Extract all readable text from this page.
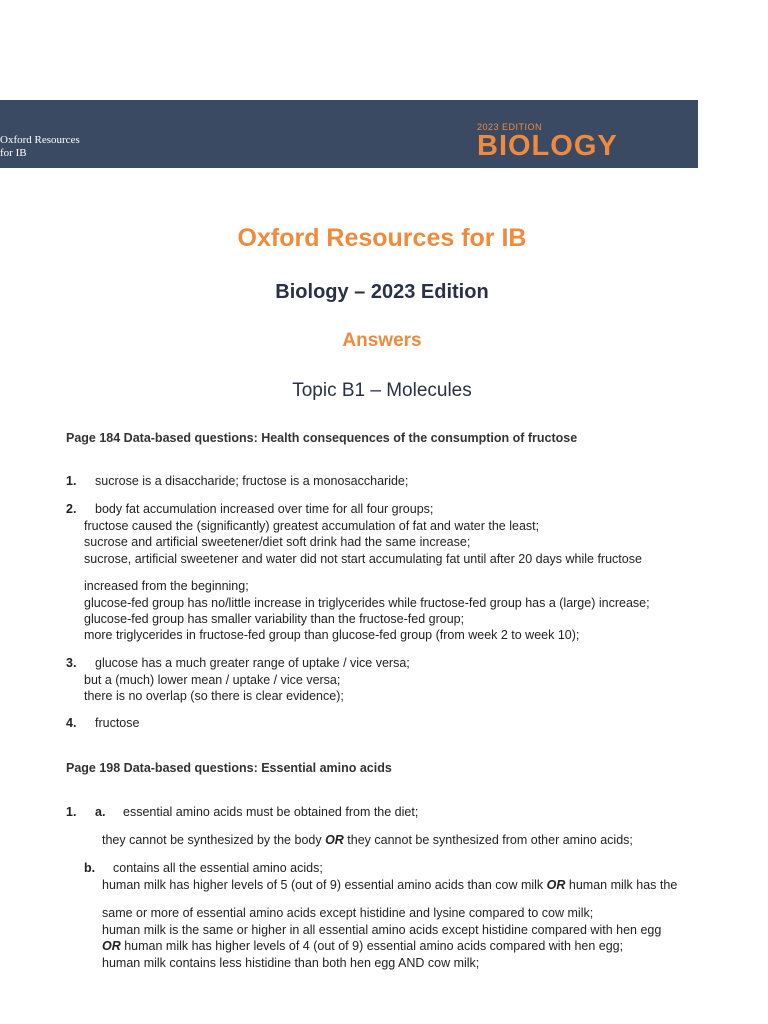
Oxford Resources
for IB
2023 EDITION
BIOLOGY
Oxford Resources for IB
Biology – 2023 Edition
Answers
Topic B1 – Molecules
Page 184 Data-based questions: Health consequences of the consumption of fructose
1. sucrose is a disaccharide; fructose is a monosaccharide;
2. body fat accumulation increased over time for all four groups;
fructose caused the (significantly) greatest accumulation of fat and water the least;
sucrose and artificial sweetener/diet soft drink had the same increase;
sucrose, artificial sweetener and water did not start accumulating fat until after 20 days while fructose
increased from the beginning;
glucose-fed group has no/little increase in triglycerides while fructose-fed group has a (large) increase;
glucose-fed group has smaller variability than the fructose-fed group;
more triglycerides in fructose-fed group than glucose-fed group (from week 2 to week 10);
3. glucose has a much greater range of uptake / vice versa;
but a (much) lower mean / uptake / vice versa;
there is no overlap (so there is clear evidence);
4. fructose
Page 198 Data-based questions: Essential amino acids
1. a. essential amino acids must be obtained from the diet;
they cannot be synthesized by the body OR they cannot be synthesized from other amino acids;
b. contains all the essential amino acids;
human milk has higher levels of 5 (out of 9) essential amino acids than cow milk OR human milk has the
same or more of essential amino acids except histidine and lysine compared to cow milk;
human milk is the same or higher in all essential amino acids except histidine compared with hen egg
OR human milk has higher levels of 4 (out of 9) essential amino acids compared with hen egg;
human milk contains less histidine than both hen egg AND cow milk;
